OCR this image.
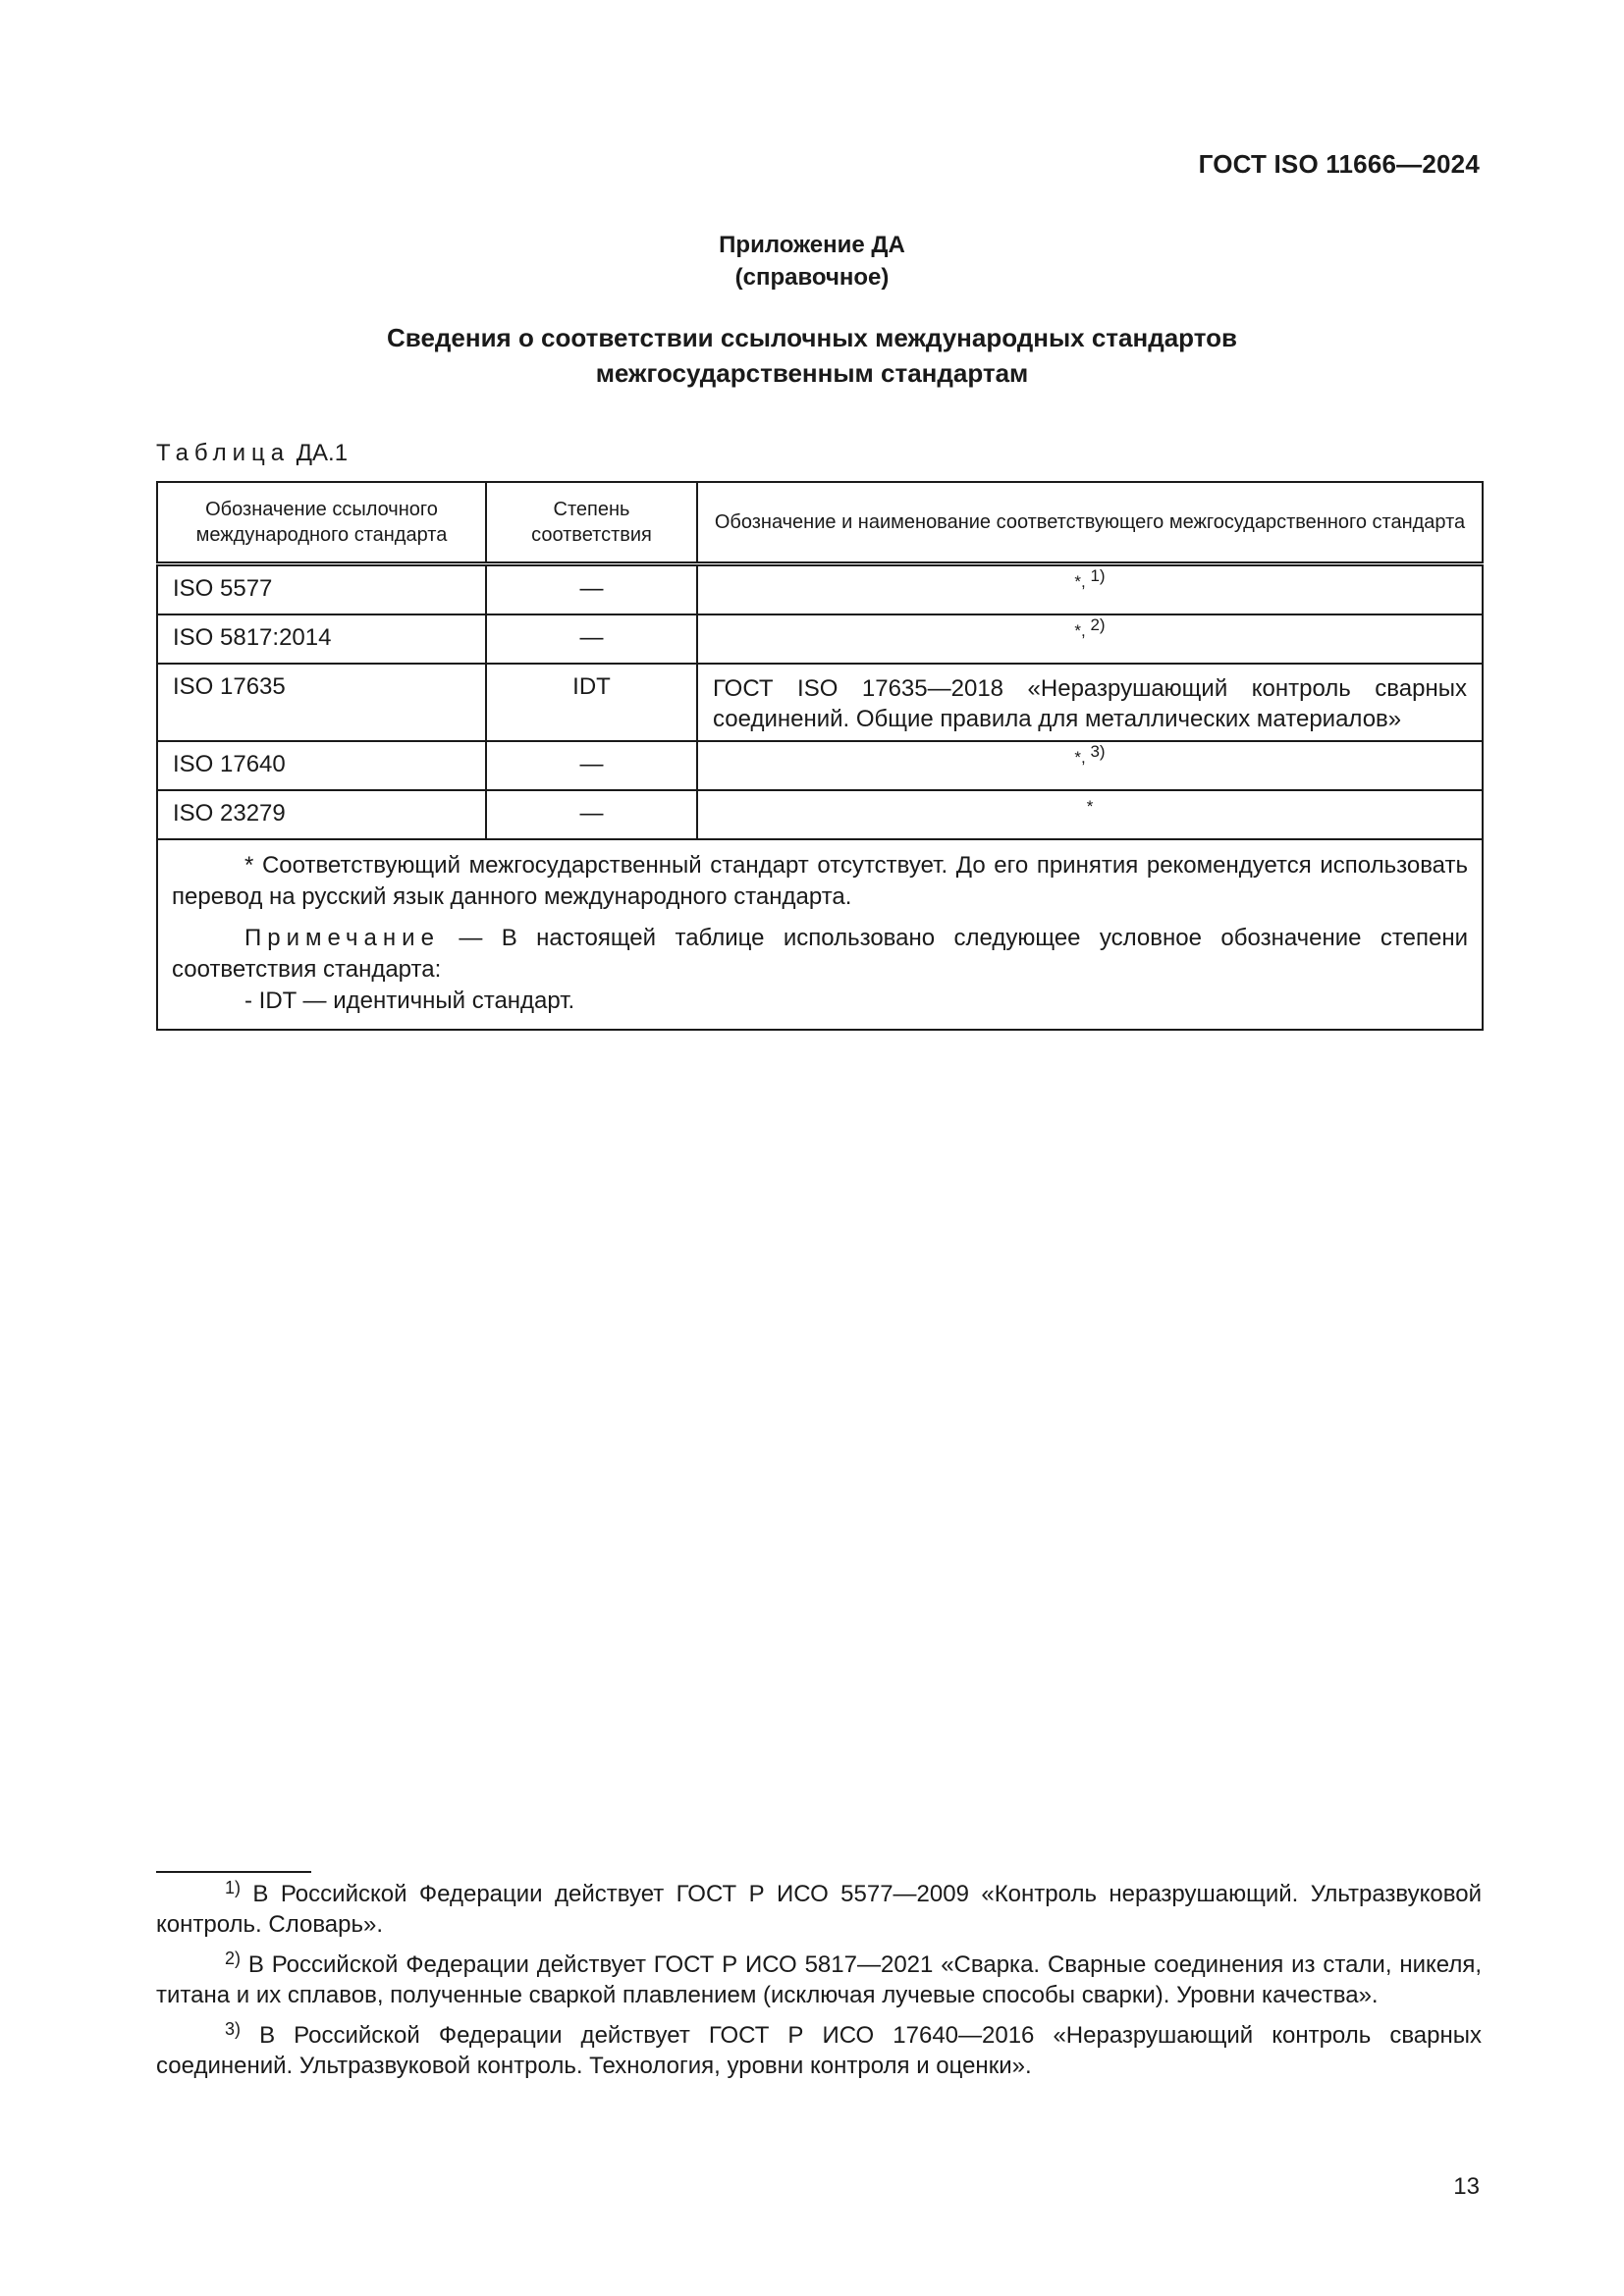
ГОСТ ISO 11666—2024
Приложение ДА
(справочное)
Сведения о соответствии ссылочных международных стандартов
межгосударственным стандартам
Таблица ДА.1
Обозначение ссылочного международного стандарта	Степень соответствия	Обозначение и наименование соответствующего межгосударственного стандарта
ISO 5577	—	*, $^{1)}$
ISO 5817:2014	—	*, $^{2)}$
ISO 17635	IDT	ГОСТ ISO 17635—2018 «Неразрушающий контроль сварных соединений. Общие правила для металлических материалов»
ISO 17640	—	*, $^{3)}$
ISO 23279	—	*

* Соответствующий межгосударственный стандарт отсутствует. До его принятия рекомендуется использовать перевод на русский язык данного международного стандарта.

Примечание — В настоящей таблице использовано следующее условное обозначение степени соответствия стандарта:

- IDT — идентичный стандарт.		

$^{1)}$ В Российской Федерации действует ГОСТ Р ИСО 5577—2009 «Контроль неразрушающий. Ультразвуковой контроль. Словарь».

$^{2)}$ В Российской Федерации действует ГОСТ Р ИСО 5817—2021 «Сварка. Сварные соединения из стали, никеля, титана и их сплавов, полученные сваркой плавлением (исключая лучевые способы сварки). Уровни качества».

$^{3)}$ В Российской Федерации действует ГОСТ Р ИСО 17640—2016 «Неразрушающий контроль сварных соединений. Ультразвуковой контроль. Технология, уровни контроля и оценки».

13
